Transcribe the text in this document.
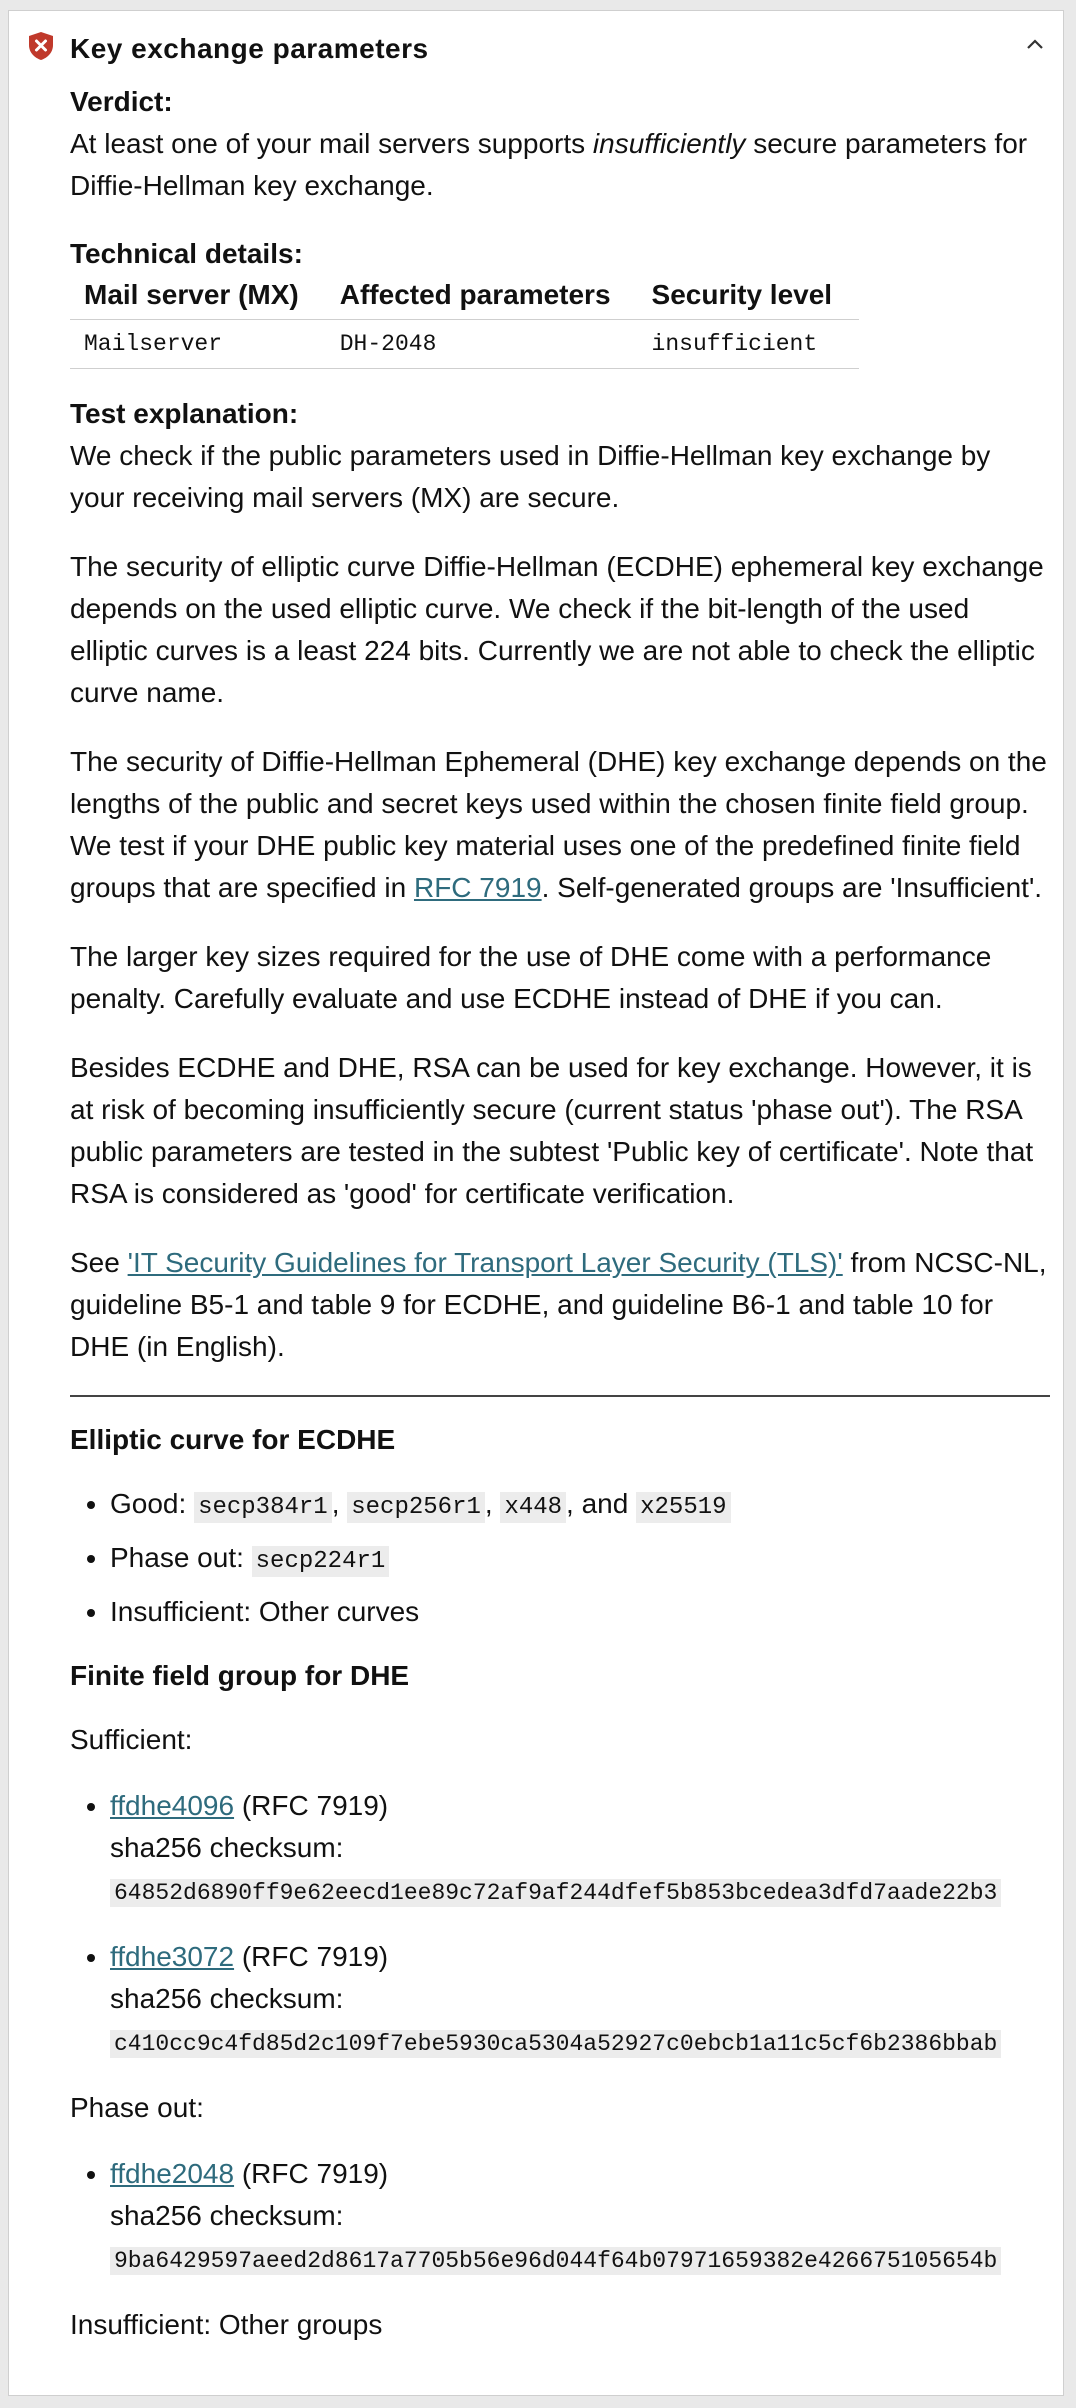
Key exchange parameters
Verdict:
At least one of your mail servers supports insufficiently secure parameters for Diffie-Hellman key exchange.
Technical details:
Mail server (MX)	Affected parameters	Security level
Mailserver	DH-2048	insufficient
Test explanation:

We check if the public parameters used in Diffie-Hellman key exchange by your receiving mail servers (MX) are secure.

The security of elliptic curve Diffie-Hellman (ECDHE) ephemeral key exchange depends on the used elliptic curve. We check if the bit-length of the used elliptic curves is a least 224 bits. Currently we are not able to check the elliptic curve name.

The security of Diffie-Hellman Ephemeral (DHE) key exchange depends on the lengths of the public and secret keys used within the chosen finite field group. We test if your DHE public key material uses one of the predefined finite field groups that are specified in RFC 7919. Self-generated groups are 'Insufficient'.

The larger key sizes required for the use of DHE come with a performance penalty. Carefully evaluate and use ECDHE instead of DHE if you can.

Besides ECDHE and DHE, RSA can be used for key exchange. However, it is at risk of becoming insufficiently secure (current status 'phase out'). The RSA public parameters are tested in the subtest 'Public key of certificate'. Note that RSA is considered as 'good' for certificate verification.

See 'IT Security Guidelines for Transport Layer Security (TLS)' from NCSC-NL, guideline B5-1 and table 9 for ECDHE, and guideline B6-1 and table 10 for DHE (in English).

Elliptic curve for ECDHE
• Good: secp384r1 , secp256r1 , x448 , and x25519
• Phase out: secp224r1
• Insufficient: Other curves
Finite field group for DHE
Sufficient:
• ffdhe4096 (RFC 7919)
sha256 checksum:
64852d6890ff9e62eecd1ee89c72af9af244dfef5b853bcedea3dfd7aade22b3
• ffdhe3072 (RFC 7919)
sha256 checksum:
c410cc9c4fd85d2c109f7ebe5930ca5304a52927c0ebcb1a11c5cf6b2386bbab
Phase out:
• ffdhe2048 (RFC 7919)
sha256 checksum:
9ba6429597aeed2d8617a7705b56e96d044f64b07971659382e426675105654b
Insufficient: Other groups
